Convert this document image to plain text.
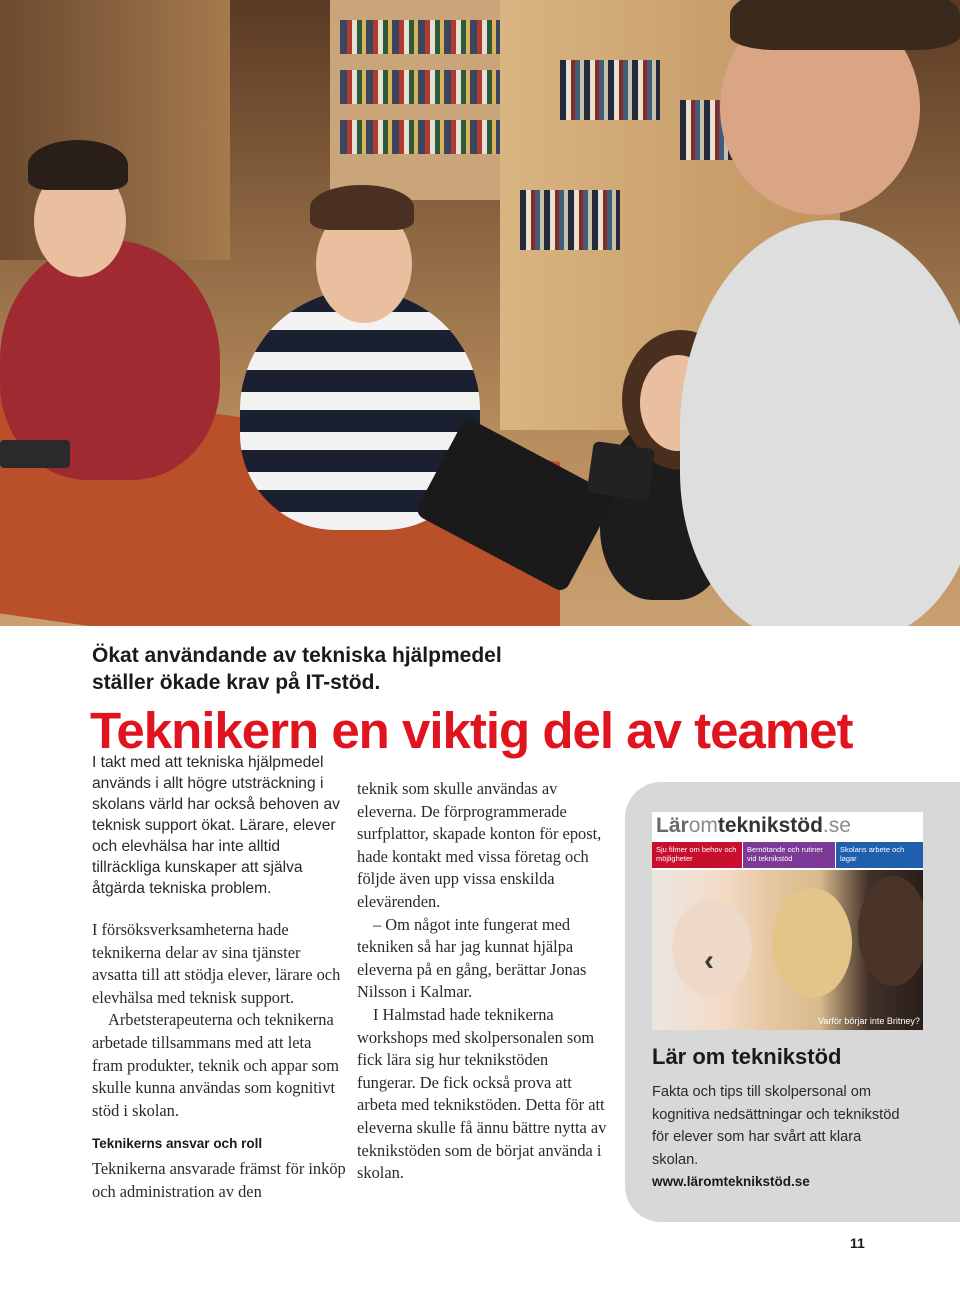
Ökat användande av tekniska hjälpmedel
ställer ökade krav på IT-stöd.
Teknikern en viktig del av teamet

I takt med att tekniska hjälpmedel används i allt högre utsträckning i skolans värld har också behoven av teknisk support ökat. Lärare, elever och elevhälsa har inte alltid tillräckliga kunskaper att själva åtgärda tekniska problem.

I försöksverksamheterna hade teknikerna delar av sina tjänster avsatta till att stödja elever, lärare och elevhälsa med teknisk support.

Arbetsterapeuterna och teknikerna arbetade tillsammans med att leta fram produkter, teknik och appar som skulle kunna användas som kognitivt stöd i skolan.

Teknikerns ansvar och roll

Teknikerna ansvarade främst för inköp och administration av den

teknik som skulle användas av eleverna. De förprogrammerade surfplattor, skapade konton för epost, hade kontakt med vissa företag och följde även upp vissa enskilda elevärenden.

– Om något inte fungerat med tekniken så har jag kunnat hjälpa eleverna på en gång, berättar Jonas Nilsson i Kalmar.

I Halmstad hade teknikerna workshops med skolpersonalen som fick lära sig hur teknikstöden fungerar. De fick också prova att arbeta med teknikstöden. Detta för att eleverna skulle få ännu bättre nytta av teknikstöden som de börjat använda i skolan.

Läromteknikstöd.se
Sju filmer om behov och möjligheter
Bemötande och rutiner vid teknikstöd
Skolans arbete och lagar
‹
Varför börjar inte Britney?
Lär om teknikstöd

Fakta och tips till skolpersonal om kognitiva nedsättningar och teknikstöd för elever som har svårt att klara skolan.

www.läromteknikstöd.se

11
